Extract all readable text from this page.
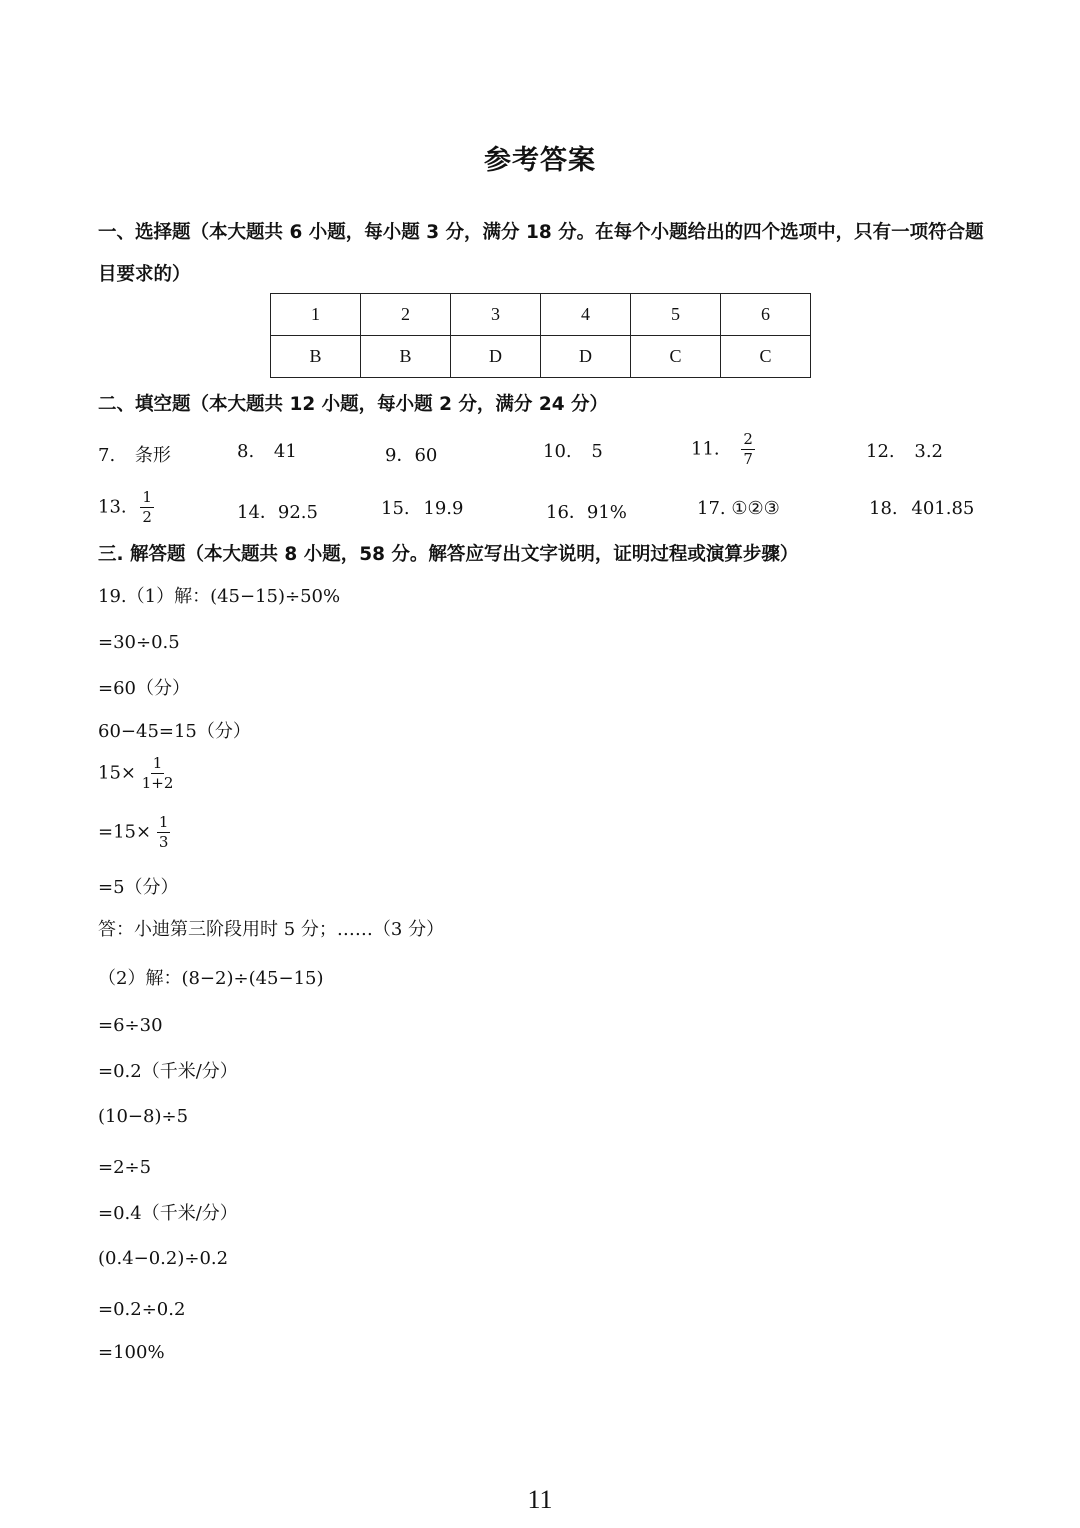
参考答案
一、选择题（本大题共 6 小题，每小题 3 分，满分 18 分。在每个小题给出的四个选项中，只有一项符合题
目要求的）
1	2	3	4	5	6
B	B	D	D	C	C
二、填空题（本大题共 12 小题，每小题 2 分，满分 24 分）
7. 条形	8. 41	9．60	10. 5	11. $\frac{2}{7}$	12. 3.2
13. $\frac{1}{2}$	14．92.5	15. 19.9	16．91%	17. ①②③	18. 401.85
三. 解答题（本大题共 8 小题，58 分。解答应写出文字说明，证明过程或演算步骤）
19.（1）解：(45−15)÷50%
=30÷0.5
=60（分）
60−45=15（分）
$15\times \frac{1}{1+2}$
$=15\times \frac{1}{3}$
=5（分）
答：小迪第三阶段用时 5 分；……（3 分）
（2）解：(8−2)÷(45−15)
=6÷30
=0.2（千米/分）
(10−8)÷5
=2÷5
=0.4（千米/分）
(0.4−0.2)÷0.2
=0.2÷0.2
=100%
11
